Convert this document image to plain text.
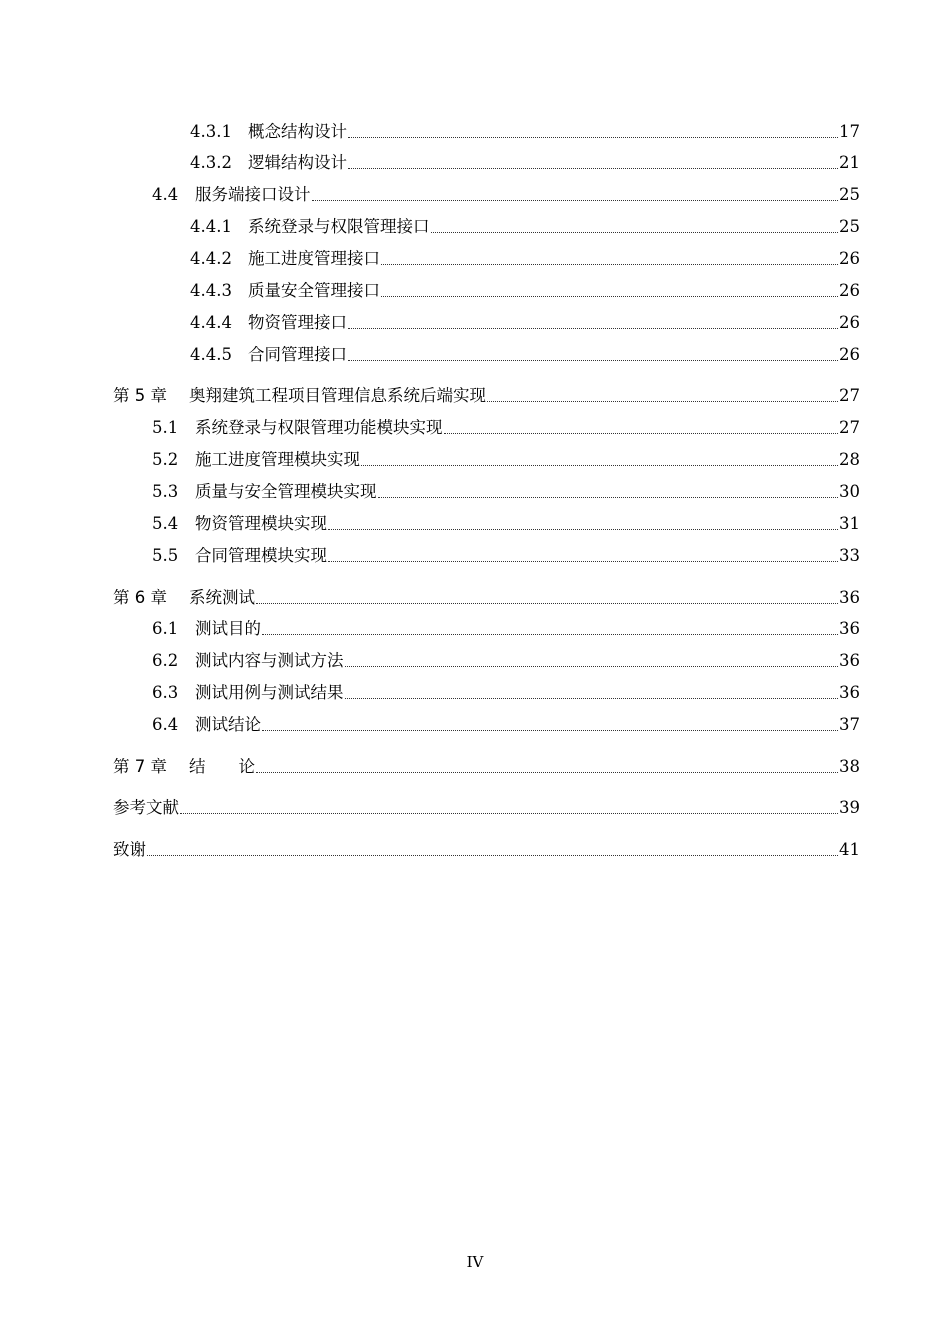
4.3.1 概念结构设计	17
4.3.2 逻辑结构设计	21
4.4	服务端接口设计	25
4.4.1 系统登录与权限管理接口	25
4.4.2 施工进度管理接口	26
4.4.3 质量安全管理接口	26
4.4.4 物资管理接口	26
4.4.5 合同管理接口	26
第 5 章	奥翔建筑工程项目管理信息系统后端实现	27
5.1	系统登录与权限管理功能模块实现	27
5.2	施工进度管理模块实现	28
5.3	质量与安全管理模块实现	30
5.4	物资管理模块实现	31
5.5	合同管理模块实现	33
第 6 章	系统测试	36
6.1	测试目的	36
6.2	测试内容与测试方法	36
6.3	测试用例与测试结果	36
6.4	测试结论	37
第 7 章	结　　论	38
参考文献	39
致谢	41
IV
